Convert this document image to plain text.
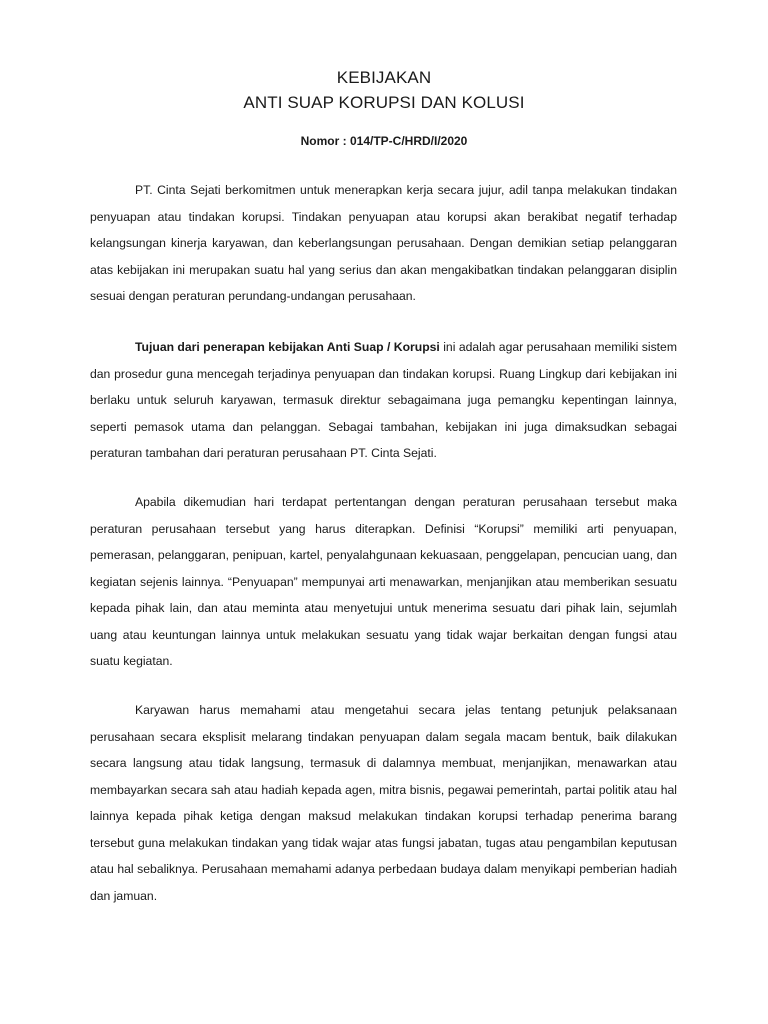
KEBIJAKAN
ANTI SUAP KORUPSI DAN KOLUSI
Nomor : 014/TP-C/HRD/I/2020

PT. Cinta Sejati berkomitmen untuk menerapkan kerja secara jujur, adil tanpa melakukan tindakan penyuapan atau tindakan korupsi. Tindakan penyuapan atau korupsi akan berakibat negatif terhadap kelangsungan kinerja karyawan, dan keberlangsungan perusahaan. Dengan demikian setiap pelanggaran atas kebijakan ini merupakan suatu hal yang serius dan akan mengakibatkan tindakan pelanggaran disiplin sesuai dengan peraturan perundang-undangan perusahaan.

Tujuan dari penerapan kebijakan Anti Suap / Korupsi ini adalah agar perusahaan memiliki sistem dan prosedur guna mencegah terjadinya penyuapan dan tindakan korupsi. Ruang Lingkup dari kebijakan ini berlaku untuk seluruh karyawan, termasuk direktur sebagaimana juga pemangku kepentingan lainnya, seperti pemasok utama dan pelanggan. Sebagai tambahan, kebijakan ini juga dimaksudkan sebagai peraturan tambahan dari peraturan perusahaan PT. Cinta Sejati.

Apabila dikemudian hari terdapat pertentangan dengan peraturan perusahaan tersebut maka peraturan perusahaan tersebut yang harus diterapkan. Definisi “Korupsi” memiliki arti penyuapan, pemerasan, pelanggaran, penipuan, kartel, penyalahgunaan kekuasaan, penggelapan, pencucian uang, dan kegiatan sejenis lainnya. “Penyuapan” mempunyai arti menawarkan, menjanjikan atau memberikan sesuatu kepada pihak lain, dan atau meminta atau menyetujui untuk menerima sesuatu dari pihak lain, sejumlah uang atau keuntungan lainnya untuk melakukan sesuatu yang tidak wajar berkaitan dengan fungsi atau suatu kegiatan.

Karyawan harus memahami atau mengetahui secara jelas tentang petunjuk pelaksanaan perusahaan secara eksplisit melarang tindakan penyuapan dalam segala macam bentuk, baik dilakukan secara langsung atau tidak langsung, termasuk di dalamnya membuat, menjanjikan, menawarkan atau membayarkan secara sah atau hadiah kepada agen, mitra bisnis, pegawai pemerintah, partai politik atau hal lainnya kepada pihak ketiga dengan maksud melakukan tindakan korupsi terhadap penerima barang tersebut guna melakukan tindakan yang tidak wajar atas fungsi jabatan, tugas atau pengambilan keputusan atau hal sebaliknya. Perusahaan memahami adanya perbedaan budaya dalam menyikapi pemberian hadiah dan jamuan.
